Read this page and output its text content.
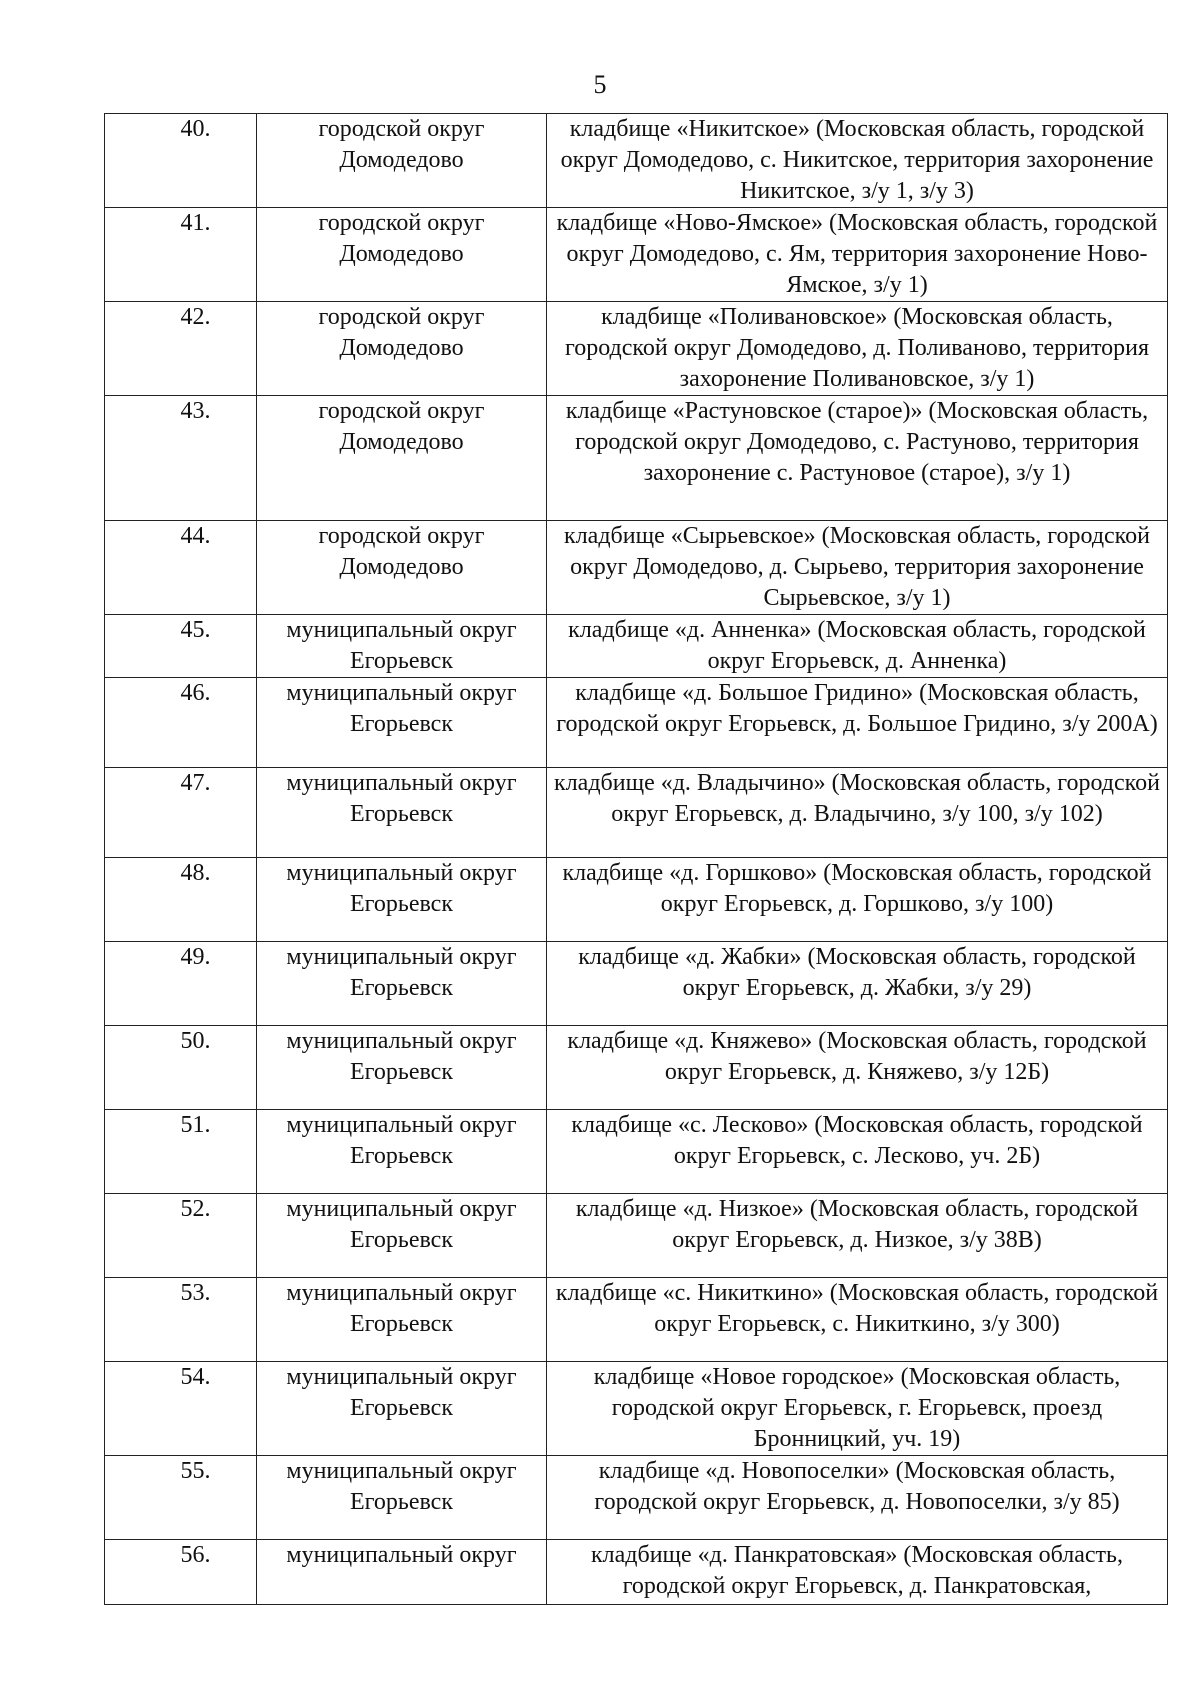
5
40.	городской округ Домодедово	кладбище «Никитское» (Московская область, городской округ Домодедово, с. Никитское, территория захоронение Никитское, з/у 1, з/у 3)
41.	городской округ Домодедово	кладбище «Ново-Ямское» (Московская область, городской округ Домодедово, с. Ям, территория захоронение Ново-Ямское, з/у 1)
42.	городской округ Домодедово	кладбище «Поливановское» (Московская область, городской округ Домодедово, д. Поливаново, территория захоронение Поливановское, з/у 1)
43.	городской округ Домодедово	кладбище «Растуновское (старое)» (Московская область, городской округ Домодедово, с. Растуново, территория захоронение с. Растуновое (старое), з/у 1)
44.	городской округ Домодедово	кладбище «Сырьевское» (Московская область, городской округ Домодедово, д. Сырьево, территория захоронение Сырьевское, з/у 1)
45.	муниципальный округ Егорьевск	кладбище «д. Анненка» (Московская область, городской округ Егорьевск, д. Анненка)
46.	муниципальный округ Егорьевск	кладбище «д. Большое Гридино» (Московская область, городской округ Егорьевск, д. Большое Гридино, з/у 200А)
47.	муниципальный округ Егорьевск	кладбище «д. Владычино» (Московская область, городской округ Егорьевск, д. Владычино, з/у 100, з/у 102)
48.	муниципальный округ Егорьевск	кладбище «д. Горшково» (Московская область, городской округ Егорьевск, д. Горшково, з/у 100)
49.	муниципальный округ Егорьевск	кладбище «д. Жабки» (Московская область, городской округ Егорьевск, д. Жабки, з/у 29)
50.	муниципальный округ Егорьевск	кладбище «д. Княжево» (Московская область, городской округ Егорьевск, д. Княжево, з/у 12Б)
51.	муниципальный округ Егорьевск	кладбище «с. Лесково» (Московская область, городской округ Егорьевск, с. Лесково, уч. 2Б)
52.	муниципальный округ Егорьевск	кладбище «д. Низкое» (Московская область, городской округ Егорьевск, д. Низкое, з/у 38В)
53.	муниципальный округ Егорьевск	кладбище «с. Никиткино» (Московская область, городской округ Егорьевск, с. Никиткино, з/у 300)
54.	муниципальный округ Егорьевск	кладбище «Новое городское» (Московская область, городской округ Егорьевск, г. Егорьевск, проезд Бронницкий, уч. 19)
55.	муниципальный округ Егорьевск	кладбище «д. Новопоселки» (Московская область, городской округ Егорьевск, д. Новопоселки, з/у 85)
56.	муниципальный округ	кладбище «д. Панкратовская» (Московская область, городской округ Егорьевск, д. Панкратовская,
